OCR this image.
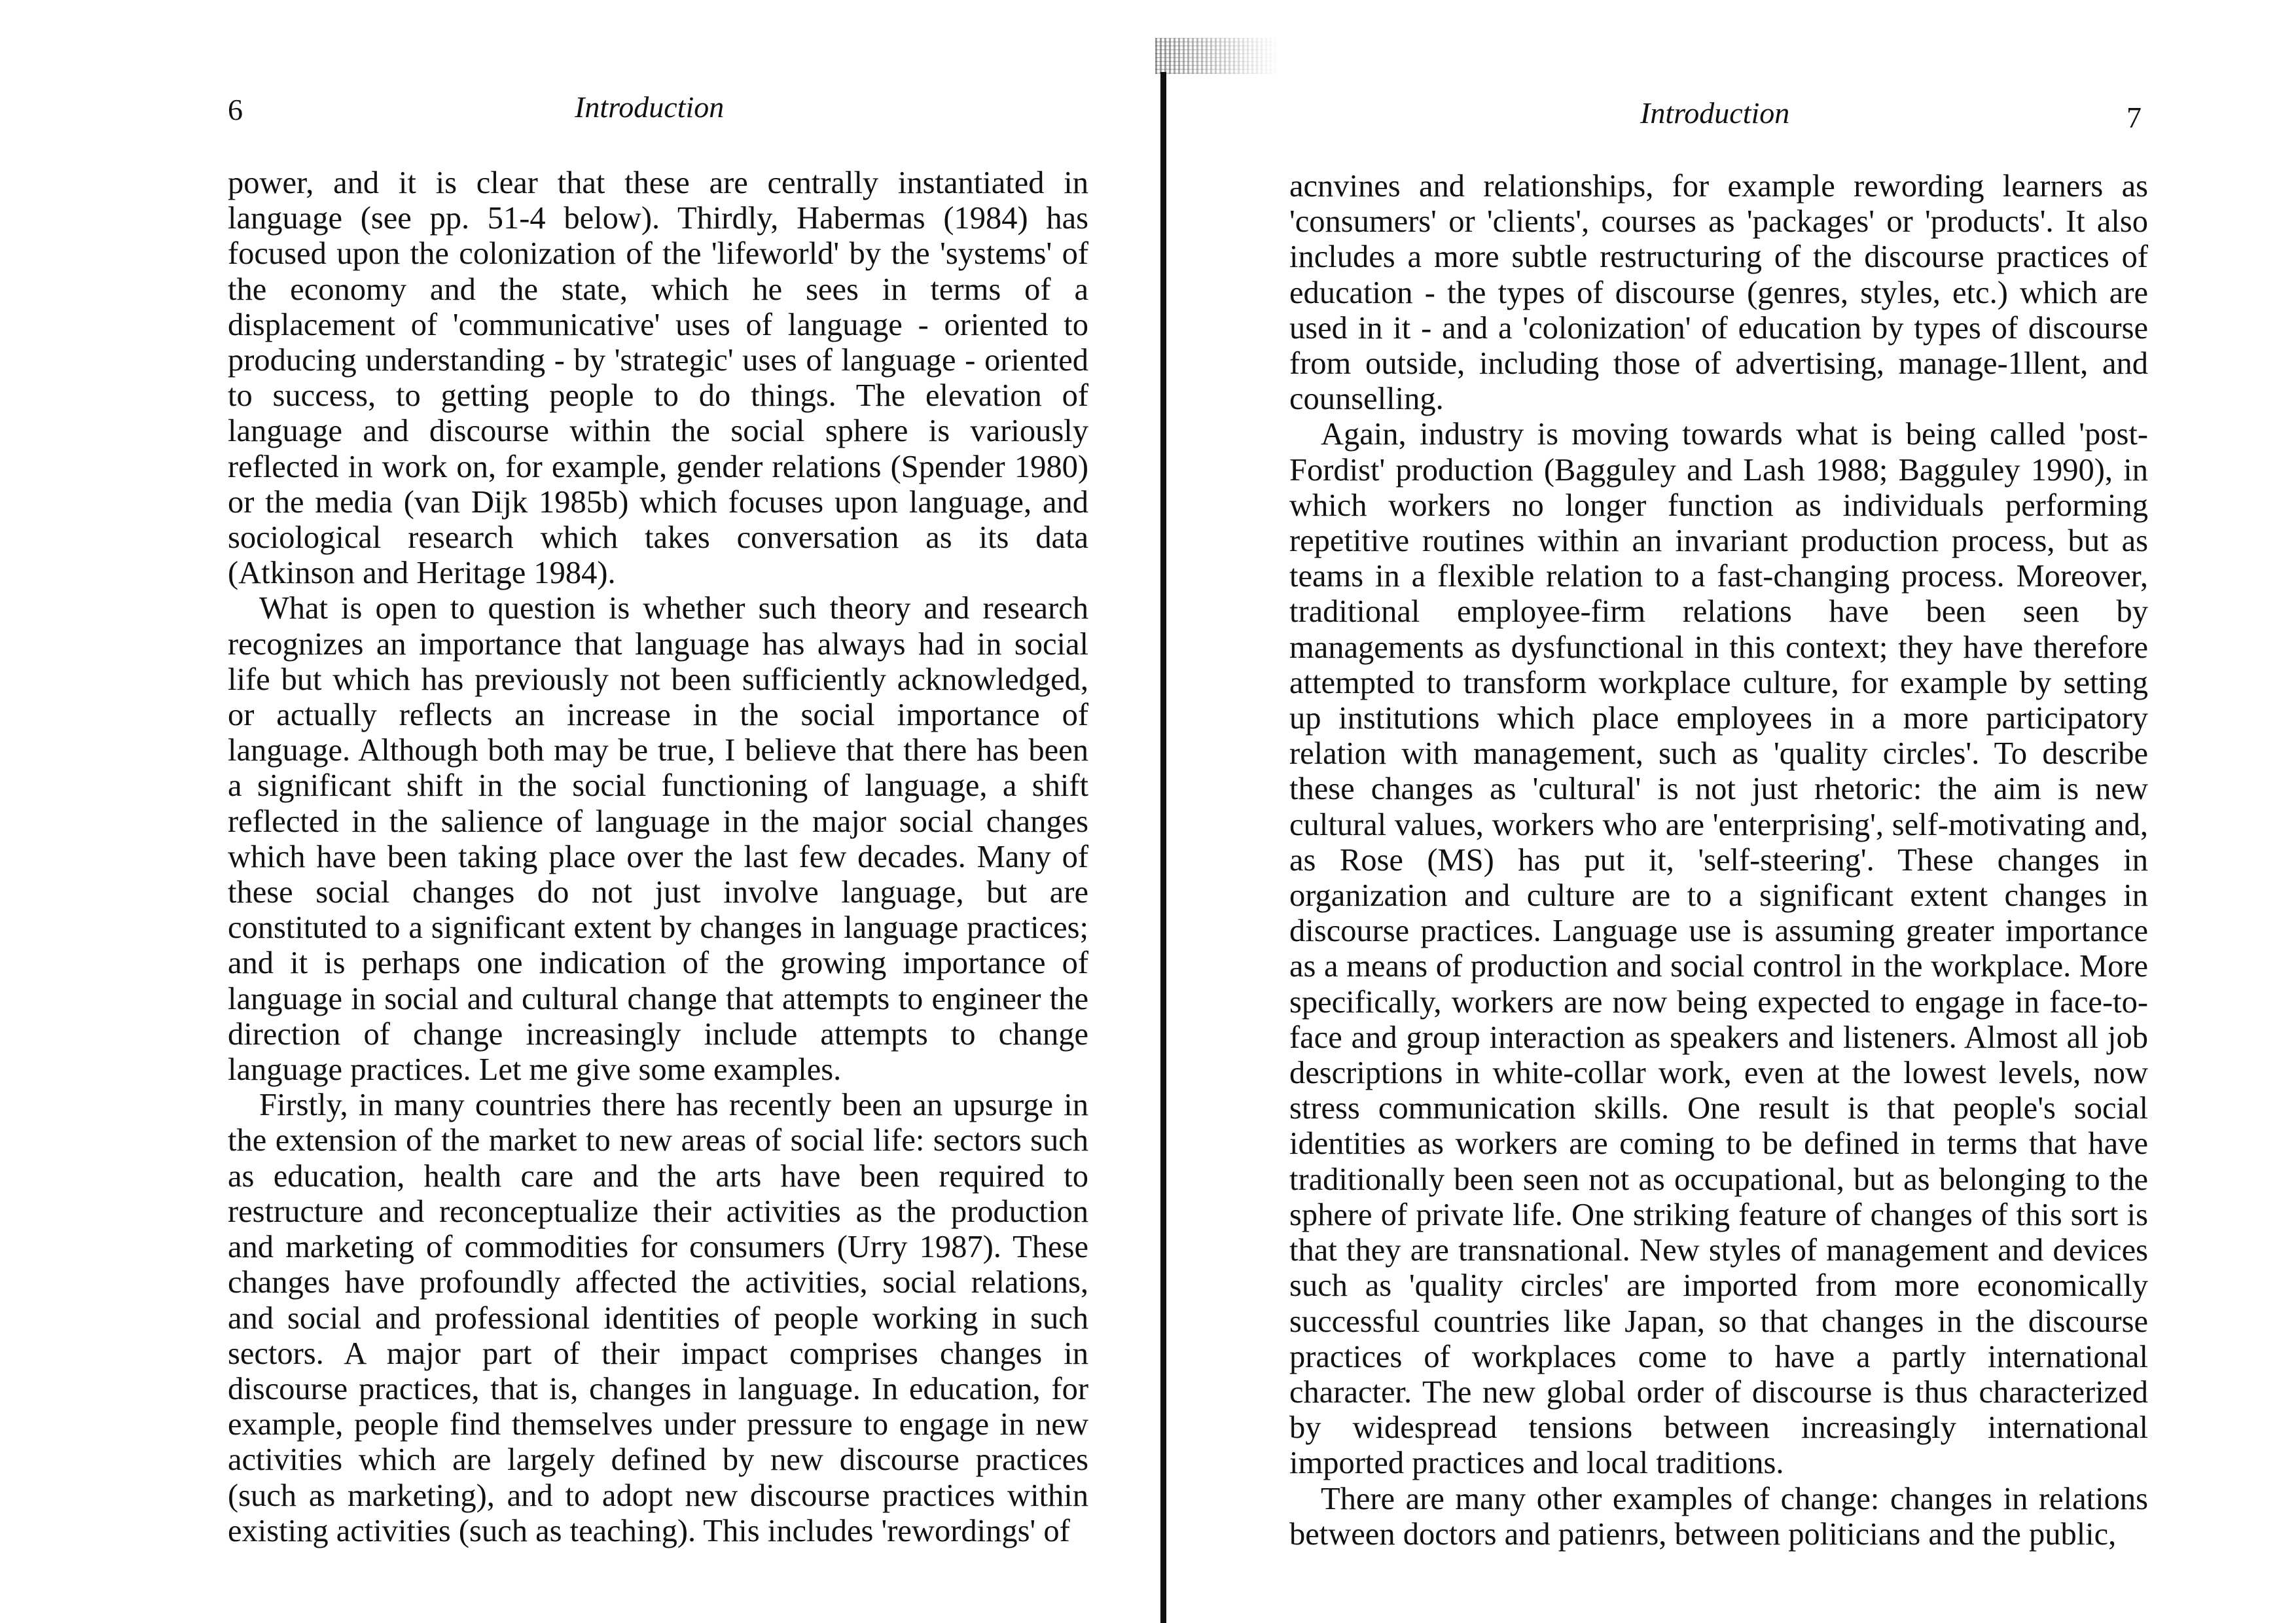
6	Introduction

power, and it is clear that these are centrally instantiated in language (see pp. 51-4 below). Thirdly, Habermas (1984) has focused upon the colonization of the 'lifeworld' by the 'systems' of the economy and the state, which he sees in terms of a displacement of 'communicative' uses of language - oriented to producing understanding - by 'strategic' uses of language - oriented to success, to getting people to do things. The elevation of language and discourse within the social sphere is variously reflected in work on, for example, gender relations (Spender 1980) or the media (van Dijk 1985b) which focuses upon language, and sociological research which takes conversation as its data (Atkinson and Heritage 1984).

What is open to question is whether such theory and research recognizes an importance that language has always had in social life but which has previously not been sufficiently acknowledged, or actually reflects an increase in the social importance of language. Although both may be true, I believe that there has been a significant shift in the social functioning of language, a shift reflected in the salience of language in the major social changes which have been taking place over the last few decades. Many of these social changes do not just involve language, but are constituted to a significant extent by changes in language practices; and it is perhaps one indication of the growing importance of language in social and cultural change that attempts to engineer the direction of change increasingly include attempts to change language practices. Let me give some examples.

Firstly, in many countries there has recently been an upsurge in the extension of the market to new areas of social life: sectors such as education, health care and the arts have been required to restructure and reconceptualize their activities as the production and marketing of commodities for consumers (Urry 1987). These changes have profoundly affected the activities, social relations, and social and professional identities of people working in such sectors. A major part of their impact comprises changes in discourse practices, that is, changes in language. In education, for example, people find themselves under pressure to engage in new activities which are largely defined by new discourse practices (such as marketing), and to adopt new discourse practices within existing activities (such as teaching). This includes 'rewordings' of

Introduction	7

acnvines and relationships, for example rewording learners as 'consumers' or 'clients', courses as 'packages' or 'products'. It also includes a more subtle restructuring of the discourse practices of education - the types of discourse (genres, styles, etc.) which are used in it - and a 'colonization' of education by types of discourse from outside, including those of advertising, manage-1llent, and counselling.

Again, industry is moving towards what is being called 'post-Fordist' production (Bagguley and Lash 1988; Bagguley 1990), in which workers no longer function as individuals performing repetitive routines within an invariant production process, but as teams in a flexible relation to a fast-changing process. Moreover, traditional employee-firm relations have been seen by managements as dysfunctional in this context; they have therefore attempted to transform workplace culture, for example by setting up institutions which place employees in a more participatory relation with management, such as 'quality circles'. To describe these changes as 'cultural' is not just rhetoric: the aim is new cultural values, workers who are 'enterprising', self-motivating and, as Rose (MS) has put it, 'self-steering'. These changes in organization and culture are to a significant extent changes in discourse practices. Language use is assuming greater importance as a means of production and social control in the workplace. More specifically, workers are now being expected to engage in face-to-face and group interaction as speakers and listeners. Almost all job descriptions in white-collar work, even at the lowest levels, now stress communication skills. One result is that people's social identities as workers are coming to be defined in terms that have traditionally been seen not as occupational, but as belonging to the sphere of private life. One striking feature of changes of this sort is that they are transnational. New styles of management and devices such as 'quality circles' are imported from more economically successful countries like Japan, so that changes in the discourse practices of workplaces come to have a partly international character. The new global order of discourse is thus characterized by widespread tensions between increasingly international imported practices and local traditions.

There are many other examples of change: changes in relations between doctors and patienrs, between politicians and the public,
